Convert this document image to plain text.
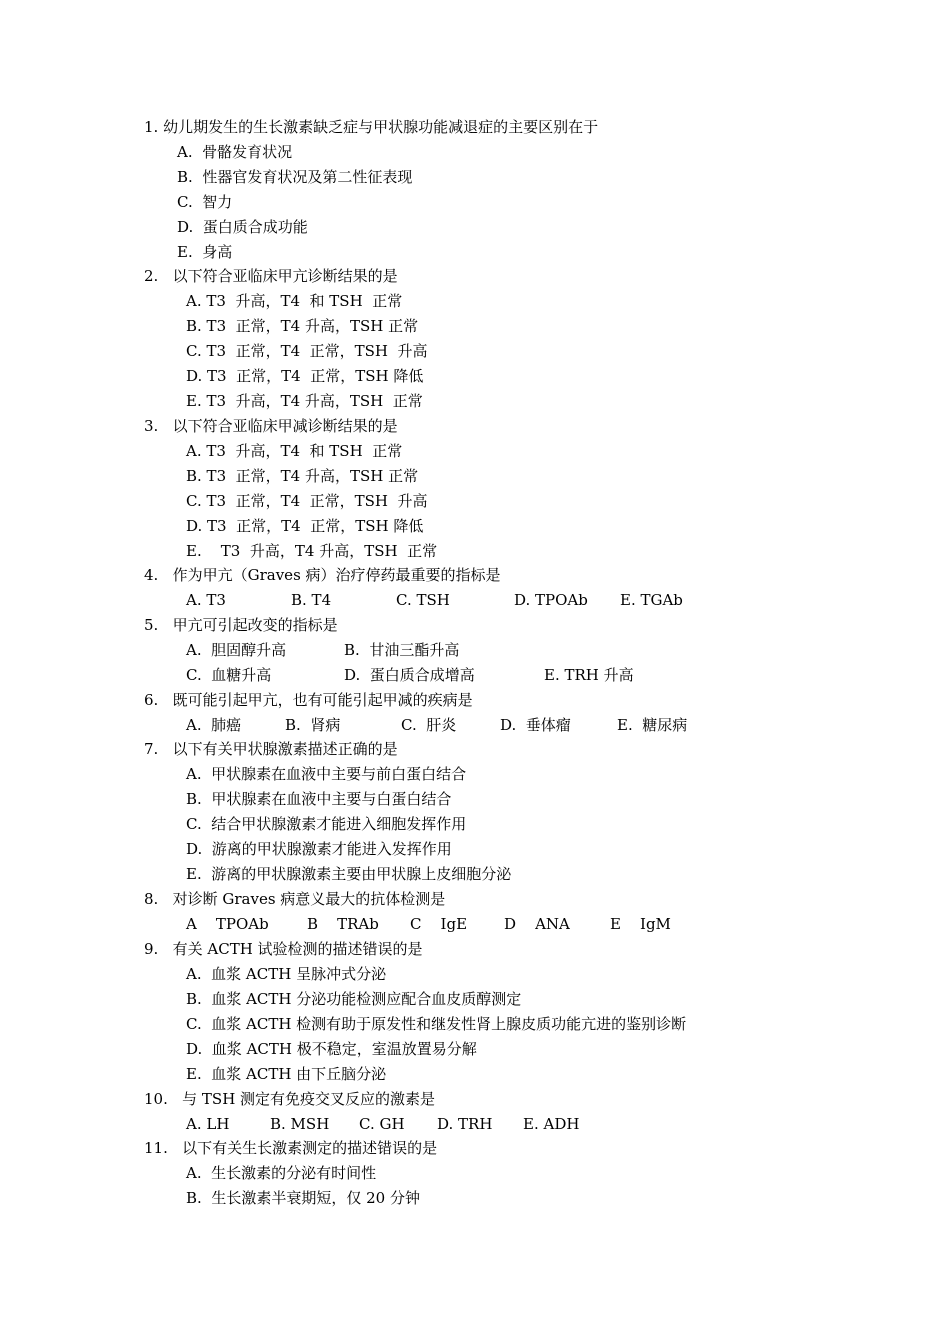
1. 幼儿期发生的生长激素缺乏症与甲状腺功能减退症的主要区别在于
A.  骨骼发育状况
B.  性器官发育状况及第二性征表现
C.  智力
D.  蛋白质合成功能
E.  身高
2.   以下符合亚临床甲亢诊断结果的是
A. T3  升高，T4  和 TSH  正常
B. T3  正常，T4 升高，TSH 正常
C. T3  正常，T4  正常，TSH  升高
D. T3  正常，T4  正常，TSH 降低
E. T3  升高，T4 升高，TSH  正常
3.   以下符合亚临床甲减诊断结果的是
A. T3  升高，T4  和 TSH  正常
B. T3  正常，T4 升高，TSH 正常
C. T3  正常，T4  正常，TSH  升高
D. T3  正常，T4  正常，TSH 降低
E.    T3  升高，T4 升高，TSH  正常
4.   作为甲亢（Graves 病）治疗停药最重要的指标是
A. T3	B. T4	C. TSH	D. TPOAb E. TGAb
5.   甲亢可引起改变的指标是
A.  胆固醇升高	B.  甘油三酯升高
C.  血糖升高	D.  蛋白质合成增高	E. TRH 升高
6.   既可能引起甲亢，也有可能引起甲减的疾病是
A.  肺癌	B.  肾病	C.  肝炎	D.  垂体瘤	E.  糖尿病
7.   以下有关甲状腺激素描述正确的是
A.  甲状腺素在血液中主要与前白蛋白结合
B.  甲状腺素在血液中主要与白蛋白结合
C.  结合甲状腺激素才能进入细胞发挥作用
D.  游离的甲状腺激素才能进入发挥作用
E.  游离的甲状腺激素主要由甲状腺上皮细胞分泌
8.   对诊断 Graves 病意义最大的抗体检测是
A    TPOAb	B    TRAb C    IgE D    ANA	E    IgM
9.   有关 ACTH 试验检测的描述错误的是
A.  血浆 ACTH 呈脉冲式分泌
B.  血浆 ACTH 分泌功能检测应配合血皮质醇测定
C.  血浆 ACTH 检测有助于原发性和继发性肾上腺皮质功能亢进的鉴别诊断
D.  血浆 ACTH 极不稳定，室温放置易分解
E.  血浆 ACTH 由下丘脑分泌
10.   与 TSH 测定有免疫交叉反应的激素是
A. LH	B. MSH C. GH D. TRH E. ADH
11.   以下有关生长激素测定的描述错误的是
A.  生长激素的分泌有时间性
B.  生长激素半衰期短，仅 20 分钟
